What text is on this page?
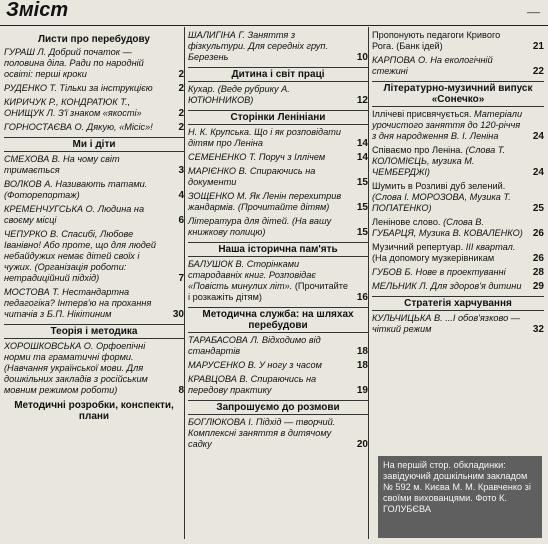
Зміст	—
Листи про перебудову
ГУРАШ Л. Добрий початок — половина діла. Ради по народній освіті: перші кроки	2
РУДЕНКО Т. Тільки за інструкцією	2
КИРИЧУК Р., КОНДРАТЮК Т., ОНИЩУК Л. З'ї знаком «якості»	2
ГОРНОСТАЄВА О. Дякую, «Місіс»!	2
Ми і діти
СМЕХОВА В. На чому світ тримається	3
ВОЛКОВ А. Називають татами. (Фоторепортаж)	4
КРЕМЕНЧУГСЬКА О. Людина на своєму місці	6
ЧЕПУРКО В. Спасибі, Любове Іванівно! Або проте, що для людей небайдужих немає дітей своїх і чужих. (Організація роботи: нетрадиційний підхід)	7
МОСТОВА Т. Нестандартна педагогіка? Інтерв'ю на прохання читачів з Б.П. Нікітиним	30
Теорія і методика
ХОРОШКОВСЬКА О. Орфоепічні норми та граматичні форми. (Навчання української мови. Для дошкільних закладів з російським мовним режимом роботи)	8
Методичні розробки, конспекти, плани
ШАЛИГІНА Г. Заняття з фізкультури. Для середніх груп. Березень	10
Дитина і світ праці
Кухар. (Веде рубрику А. ЮТЮННИКОВ)	12
Сторінки Ленініани
Н. К. Крупська. Що і як розповідати дітям про Леніна	14
СЕМЕНЕНКО Т. Поруч з Іллічем	14
МАРІЄНКО В. Спираючись на документи	15
ЗОЩЕНКО М. Як Ленін перехитрив жандармів. (Прочитайте дітям)	15
Література для дітей. (На вашу книжкову полицю)	15
Наша історична пам'ять
БАЛУШОК В. Сторінками стародавніх книг. Розповідає «Повість минулих літ». (Прочитайте і розкажіть дітям)	16
Методична служба: на шляхах перебудови
ТАРАБАСОВА Л. Відходимо від стандартів	18
МАРУСЕНКО В. У ногу з часом	18
КРАВЦОВА В. Спираючись на передову практику	19
Запрошуємо до розмови
БОГЛЮКОВА І. Підхід — творчий. Комплексні заняття в дитячому садку	20
Пропонують педагоги Кривого Рога. (Банк ідей)	21
КАРПОВА О. На екологічній стежині	22
Літературно-музичний випуск «Сонечко»
Іллічеві присвячується. Матеріали урочистого заняття до 120-річчя з дня народження В. І. Леніна	24
Співаємо про Леніна. (Слова Т. КОЛОМІЄЦЬ, музика М. ЧЕМБЕРДЖІ)	24
Шумить в Розливі дуб зелений. (Слова І. МОРОЗОВА, Музика Т. ПОПАТЕНКО)	25
Ленінове слово. (Слова В. ГУБАРЦЯ, Музика В. КОВАЛЕНКО) 26
Музичний репертуар. III квартал. (На допомогу музкерівникам	26
ГУБОВ Б. Нове в проектуванні	28
МЕЛЬНИК Л. Для здоров'я дитини 29
Стратегія харчування
КУЛЬЧИЦЬКА В. ...І обов'язково — чіткий режим	32
На першій стор. обкладинки: завідуючий дошкільним закладом № 592 м. Києва М. М. Кравченко зі своїми вихованцями. Фото К. ГОЛУБЄВА
